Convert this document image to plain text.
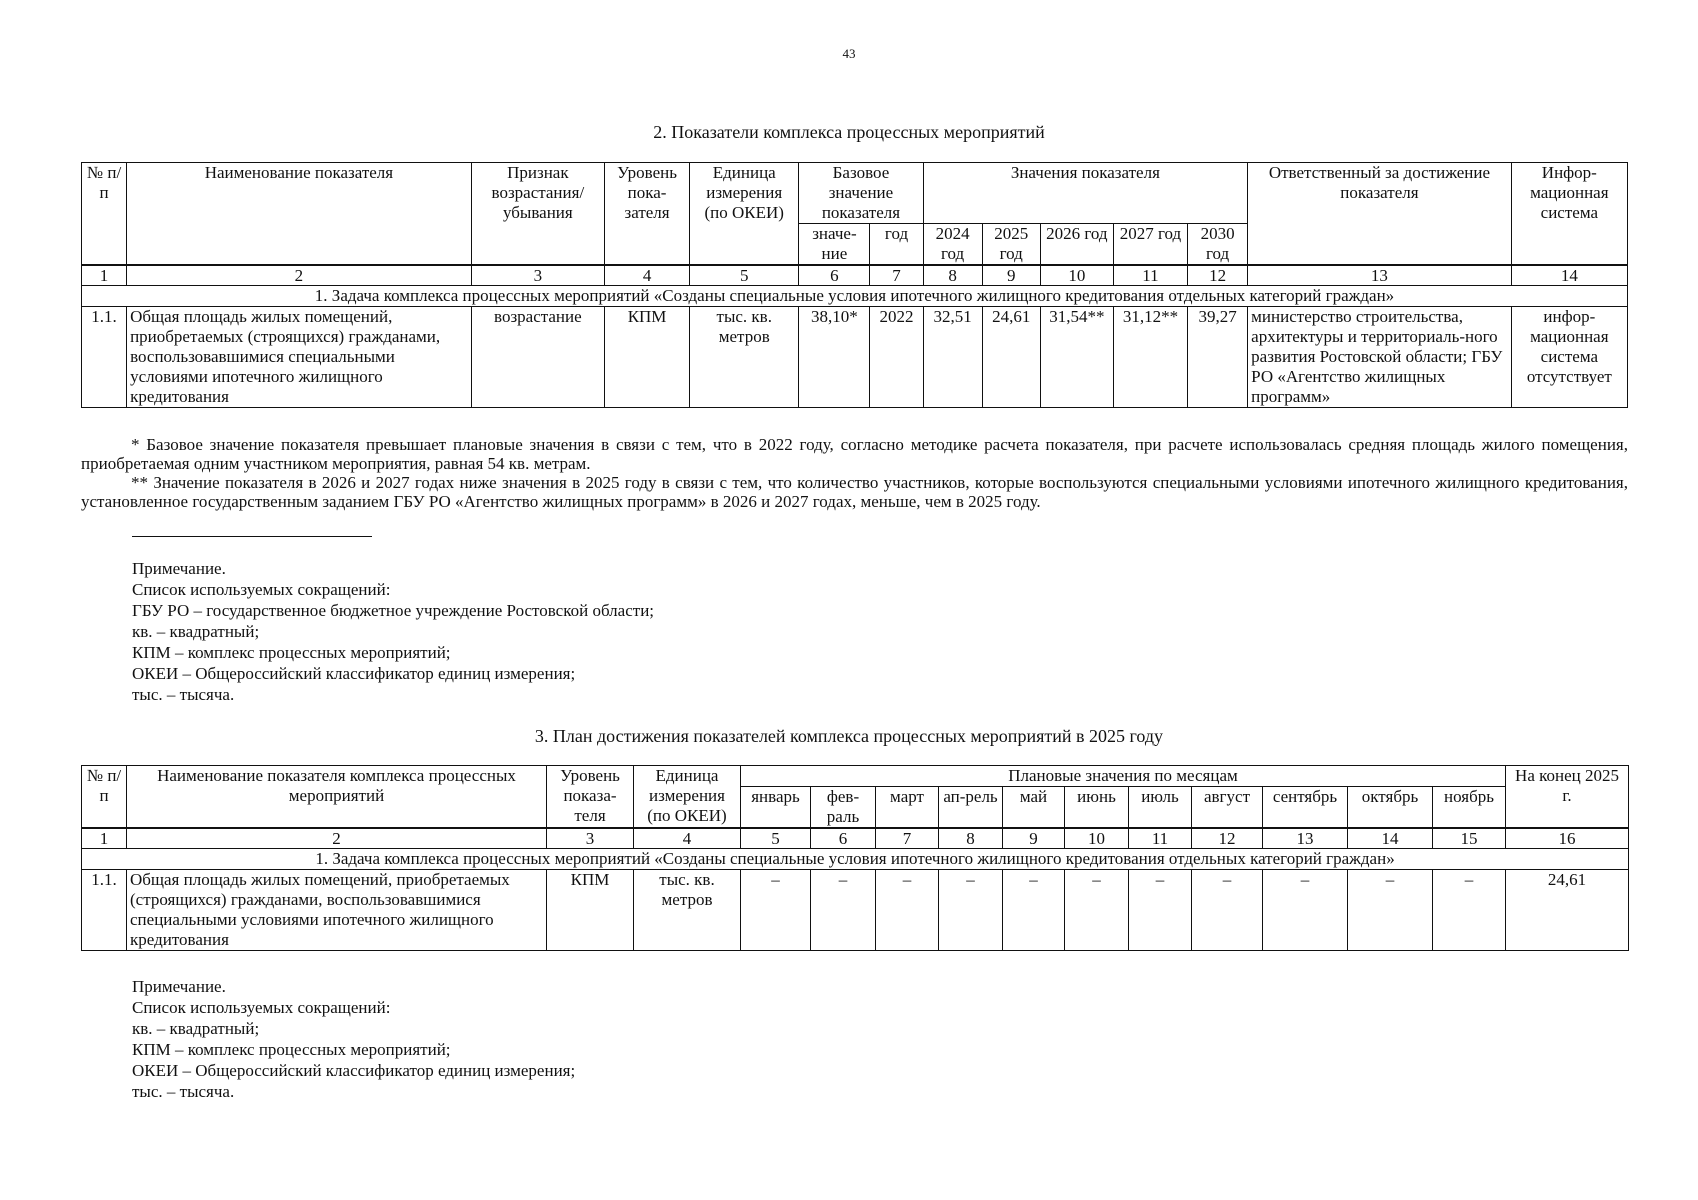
43
2. Показатели комплекса процессных мероприятий
№ п/п	Наименование показателя	Признак возрастания/ убывания	Уровень пока-зателя	Единица измерения (по ОКЕИ)	Базовое значение показателя		Значения показателя					Ответственный за достижение показателя	Инфор-мационная система
					значе-ние	год	2024 год	2025 год	2026 год	2027 год	2030 год		
1	2	3	4	5	6	7	8	9	10	11	12	13	14
1. Задача комплекса процессных мероприятий «Созданы специальные условия ипотечного жилищного кредитования отдельных категорий граждан»													
1.1.	Общая площадь жилых помещений, приобретаемых (строящихся) гражданами, воспользовавшимися специальными условиями ипотечного жилищного кредитования	возрастание	КПМ	тыс. кв. метров	38,10*	2022	32,51	24,61	31,54**	31,12**	39,27	министерство строительства, архитектуры и территориаль-ного развития Ростовской области; ГБУ РО «Агентство жилищных программ»	инфор-мационная система отсутствует

* Базовое значение показателя превышает плановые значения в связи с тем, что в 2022 году, согласно методике расчета показателя, при расчете использовалась средняя площадь жилого помещения, приобретаемая одним участником мероприятия, равная 54 кв. метрам.

** Значение показателя в 2026 и 2027 годах ниже значения в 2025 году в связи с тем, что количество участников, которые воспользуются специальными условиями ипотечного жилищного кредитования, установленное государственным заданием ГБУ РО «Агентство жилищных программ» в 2026 и 2027 годах, меньше, чем в 2025 году.

Примечание.
Список используемых сокращений:
ГБУ РО – государственное бюджетное учреждение Ростовской области;
кв. – квадратный;
КПМ – комплекс процессных мероприятий;
ОКЕИ – Общероссийский классификатор единиц измерения;
тыс. – тысяча.
3. План достижения показателей комплекса процессных мероприятий в 2025 году
№ п/п	Наименование показателя комплекса процессных мероприятий	Уровень показа-теля	Единица измерения (по ОКЕИ)	Плановые значения по месяцам											На конец 2025 г.
				январь	фев-раль	март	ап-рель	май	июнь	июль	август	сентябрь	октябрь	ноябрь	
1	2	3	4	5	6	7	8	9	10	11	12	13	14	15	16
1. Задача комплекса процессных мероприятий «Созданы специальные условия ипотечного жилищного кредитования отдельных категорий граждан»															
1.1.	Общая площадь жилых помещений, приобретаемых (строящихся) гражданами, воспользовавшимися специальными условиями ипотечного жилищного кредитования	КПМ	тыс. кв. метров	–	–	–	–	–	–	–	–	–	–	–	24,61
Примечание.
Список используемых сокращений:
кв. – квадратный;
КПМ – комплекс процессных мероприятий;
ОКЕИ – Общероссийский классификатор единиц измерения;
тыс. – тысяча.
